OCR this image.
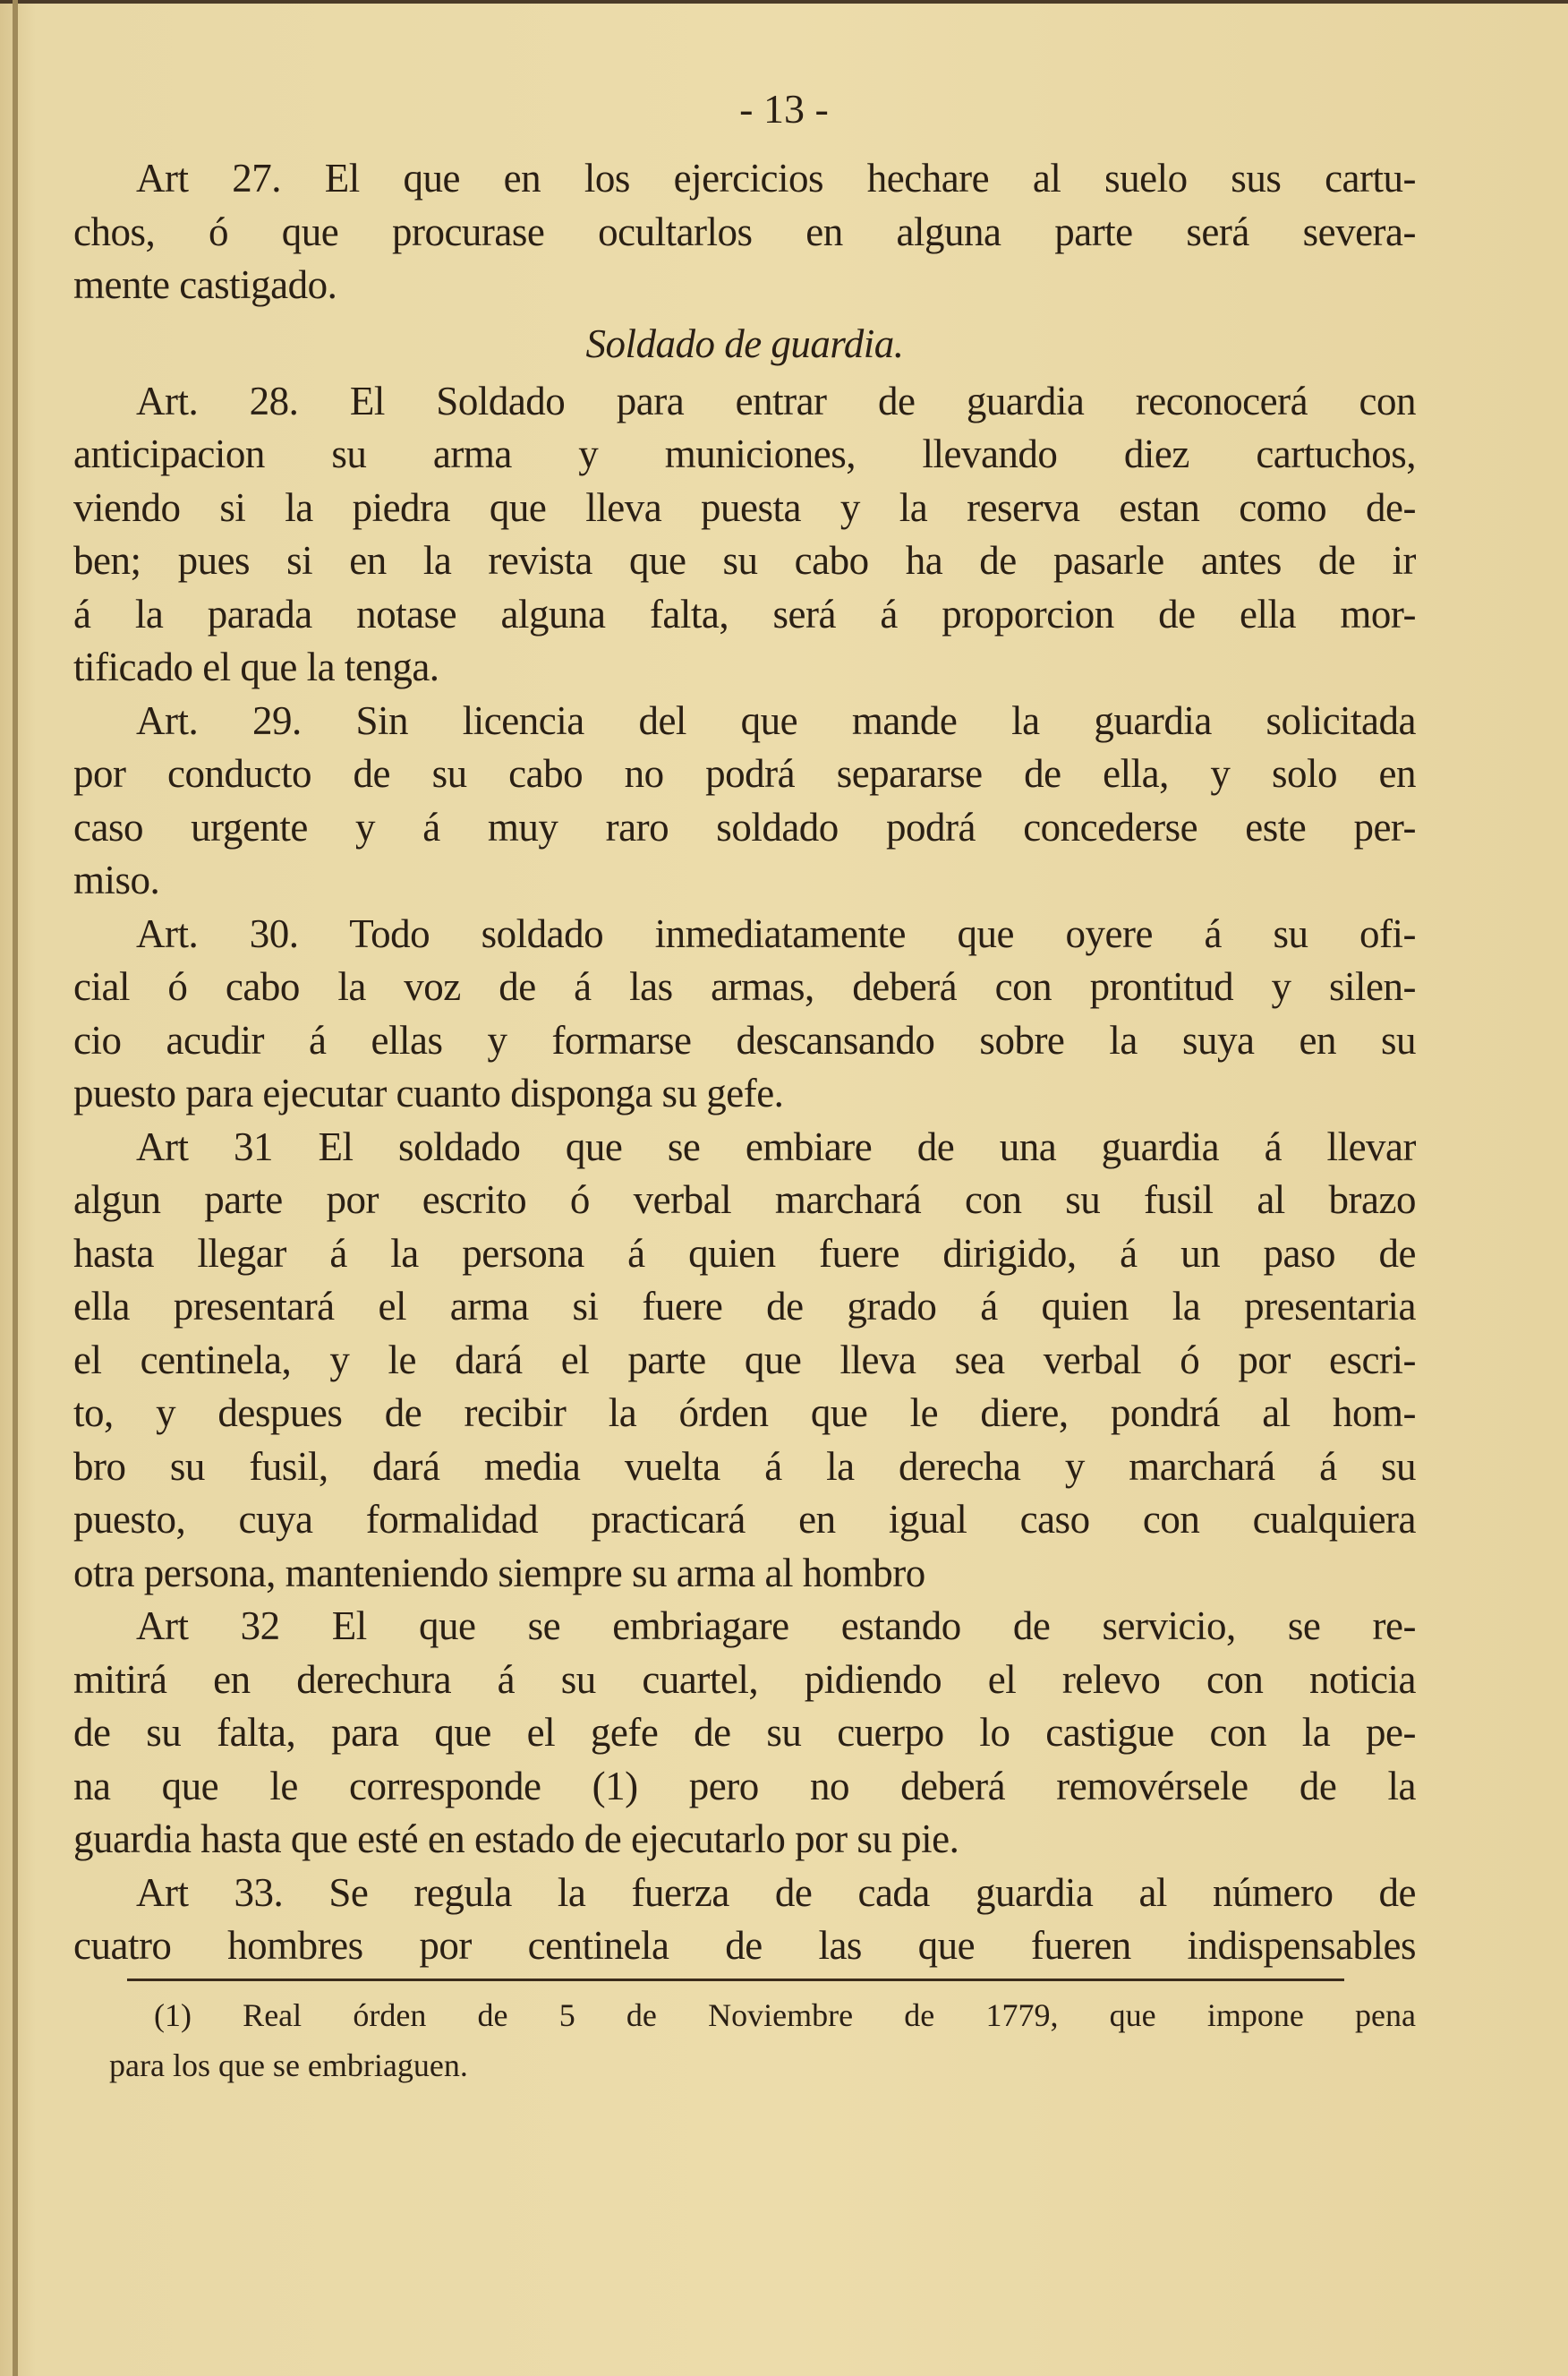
- 13 -
Art 27. El que en los ejercicios hechare al suelo sus cartu-
chos, ó que procurase ocultarlos en alguna parte será severa-
mente castigado.
Soldado de guardia.
Art. 28. El Soldado para entrar de guardia reconocerá con
anticipacion su arma y municiones, llevando diez cartuchos,
viendo si la piedra que lleva puesta y la reserva estan como de-
ben; pues si en la revista que su cabo ha de pasarle antes de ir
á la parada notase alguna falta, será á proporcion de ella mor-
tificado el que la tenga.
Art. 29. Sin licencia del que mande la guardia solicitada
por conducto de su cabo no podrá separarse de ella, y solo en
caso urgente y á muy raro soldado podrá concederse este per-
miso.
Art. 30. Todo soldado inmediatamente que oyere á su ofi-
cial ó cabo la voz de á las armas, deberá con prontitud y silen-
cio acudir á ellas y formarse descansando sobre la suya en su
puesto para ejecutar cuanto disponga su gefe.
Art 31 El soldado que se embiare de una guardia á llevar
algun parte por escrito ó verbal marchará con su fusil al brazo
hasta llegar á la persona á quien fuere dirigido, á un paso de
ella presentará el arma si fuere de grado á quien la presentaria
el centinela, y le dará el parte que lleva sea verbal ó por escri-
to, y despues de recibir la órden que le diere, pondrá al hom-
bro su fusil, dará media vuelta á la derecha y marchará á su
puesto, cuya formalidad practicará en igual caso con cualquiera
otra persona, manteniendo siempre su arma al hombro
Art 32 El que se embriagare estando de servicio, se re-
mitirá en derechura á su cuartel, pidiendo el relevo con noticia
de su falta, para que el gefe de su cuerpo lo castigue con la pe-
na que le corresponde (1) pero no deberá removérsele de la
guardia hasta que esté en estado de ejecutarlo por su pie.
Art 33. Se regula la fuerza de cada guardia al número de
cuatro hombres por centinela de las que fueren indispensables
(1) Real órden de 5 de Noviembre de 1779, que impone pena
para los que se embriaguen.
